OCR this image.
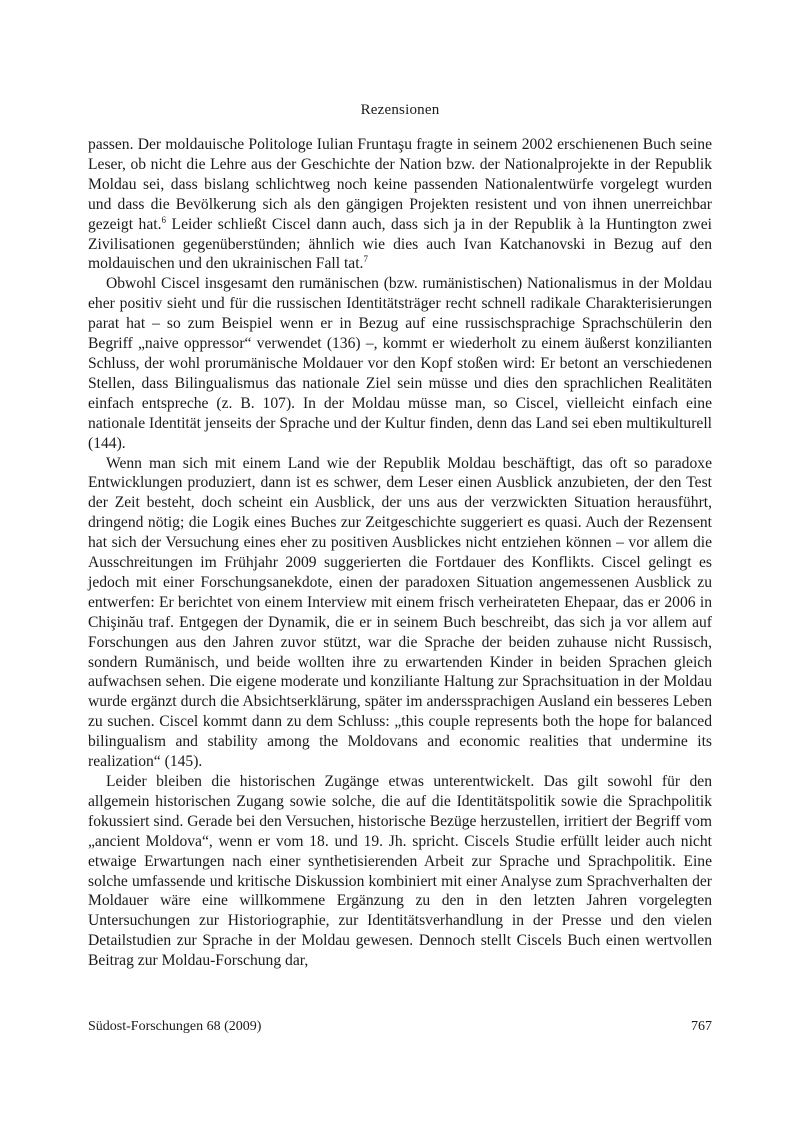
Rezensionen

passen. Der moldauische Politologe Iulian Fruntaşu fragte in seinem 2002 erschienenen Buch seine Leser, ob nicht die Lehre aus der Geschichte der Nation bzw. der Nationalprojekte in der Republik Moldau sei, dass bislang schlichtweg noch keine passenden Nationalentwürfe vorgelegt wurden und dass die Bevölkerung sich als den gängigen Projekten resistent und von ihnen unerreichbar gezeigt hat.$^6$ Leider schließt Ciscel dann auch, dass sich ja in der Republik à la Huntington zwei Zivilisationen gegenüberstünden; ähnlich wie dies auch Ivan Katchanovski in Bezug auf den moldauischen und den ukrainischen Fall tat.$^7$

Obwohl Ciscel insgesamt den rumänischen (bzw. rumänistischen) Nationalismus in der Moldau eher positiv sieht und für die russischen Identitätsträger recht schnell radikale Charakterisierungen parat hat – so zum Beispiel wenn er in Bezug auf eine russischsprachige Sprachschülerin den Begriff „naive oppressor“ verwendet (136) –, kommt er wiederholt zu einem äußerst konzilianten Schluss, der wohl prorumänische Moldauer vor den Kopf stoßen wird: Er betont an verschiedenen Stellen, dass Bilingualismus das nationale Ziel sein müsse und dies den sprachlichen Realitäten einfach entspreche (z. B. 107). In der Moldau müsse man, so Ciscel, vielleicht einfach eine nationale Identität jenseits der Sprache und der Kultur finden, denn das Land sei eben multikulturell (144).

Wenn man sich mit einem Land wie der Republik Moldau beschäftigt, das oft so paradoxe Entwicklungen produziert, dann ist es schwer, dem Leser einen Ausblick anzubieten, der den Test der Zeit besteht, doch scheint ein Ausblick, der uns aus der verzwickten Situation herausführt, dringend nötig; die Logik eines Buches zur Zeitgeschichte suggeriert es quasi. Auch der Rezensent hat sich der Versuchung eines eher zu positiven Ausblickes nicht entziehen können – vor allem die Ausschreitungen im Frühjahr 2009 suggerierten die Fortdauer des Konflikts. Ciscel gelingt es jedoch mit einer Forschungsanekdote, einen der paradoxen Situation angemessenen Ausblick zu entwerfen: Er berichtet von einem Interview mit einem frisch verheirateten Ehepaar, das er 2006 in Chişinău traf. Entgegen der Dynamik, die er in seinem Buch beschreibt, das sich ja vor allem auf Forschungen aus den Jahren zuvor stützt, war die Sprache der beiden zuhause nicht Russisch, sondern Rumänisch, und beide wollten ihre zu erwartenden Kinder in beiden Sprachen gleich aufwachsen sehen. Die eigene moderate und konziliante Haltung zur Sprachsituation in der Moldau wurde ergänzt durch die Absichtserklärung, später im anderssprachigen Ausland ein besseres Leben zu suchen. Ciscel kommt dann zu dem Schluss: „this couple represents both the hope for balanced bilingualism and stability among the Moldovans and economic realities that undermine its realization“ (145).

Leider bleiben die historischen Zugänge etwas unterentwickelt. Das gilt sowohl für den allgemein historischen Zugang sowie solche, die auf die Identitätspolitik sowie die Sprachpolitik fokussiert sind. Gerade bei den Versuchen, historische Bezüge herzustellen, irritiert der Begriff vom „ancient Moldova“, wenn er vom 18. und 19. Jh. spricht. Ciscels Studie erfüllt leider auch nicht etwaige Erwartungen nach einer synthetisierenden Arbeit zur Sprache und Sprachpolitik. Eine solche umfassende und kritische Diskussion kombiniert mit einer Analyse zum Sprachverhalten der Moldauer wäre eine willkommene Ergänzung zu den in den letzten Jahren vorgelegten Untersuchungen zur Historiographie, zur Identitätsverhandlung in der Presse und den vielen Detailstudien zur Sprache in der Moldau gewesen. Dennoch stellt Ciscels Buch einen wertvollen Beitrag zur Moldau-Forschung dar,

Südost-Forschungen 68 (2009)	767
